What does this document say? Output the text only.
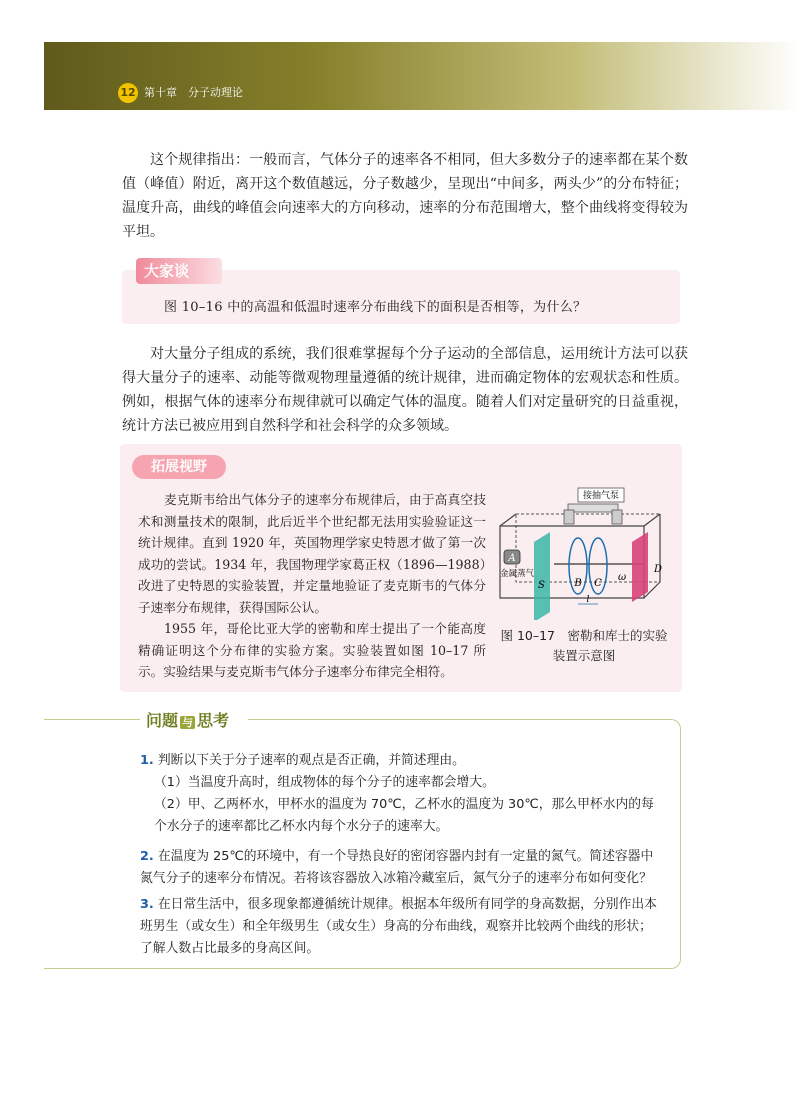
12 第十章　分子动理论

这个规律指出：一般而言，气体分子的速率各不相同，但大多数分子的速率都在某个数值（峰值）附近，离开这个数值越远，分子数越少，呈现出“中间多，两头少”的分布特征；温度升高，曲线的峰值会向速率大的方向移动，速率的分布范围增大，整个曲线将变得较为平坦。

大家谈
图 10–16 中的高温和低温时速率分布曲线下的面积是否相等，为什么？

对大量分子组成的系统，我们很难掌握每个分子运动的全部信息，运用统计方法可以获得大量分子的速率、动能等微观物理量遵循的统计规律，进而确定物体的宏观状态和性质。例如，根据气体的速率分布规律就可以确定气体的温度。随着人们对定量研究的日益重视，统计方法已被应用到自然科学和社会科学的众多领域。

拓展视野

麦克斯韦给出气体分子的速率分布规律后，由于高真空技术和测量技术的限制，此后近半个世纪都无法用实验验证这一统计规律。直到 1920 年，英国物理学家史特恩才做了第一次成功的尝试。1934 年，我国物理学家葛正权（1896—1988）改进了史特恩的实验装置，并定量地验证了麦克斯韦的气体分子速率分布规律，获得国际公认。

1955 年，哥伦比亚大学的密勒和库士提出了一个能高度精确证明这个分布律的实验方案。实验装置如图 10–17 所示。实验结果与麦克斯韦气体分子速率分布律完全相符。

接抽气泵
A
金属蒸气
S	B C
ω
l
D
图 10–17　密勒和库士的实验
装置示意图
问题 与 思考
1. 判断以下关于分子速率的观点是否正确，并简述理由。
（1）当温度升高时，组成物体的每个分子的速率都会增大。
（2）甲、乙两杯水，甲杯水的温度为 70℃，乙杯水的温度为 30℃，那么甲杯水内的每个水分子的速率都比乙杯水内每个水分子的速率大。
2. 在温度为 25℃的环境中，有一个导热良好的密闭容器内封有一定量的氮气。简述容器中氮气分子的速率分布情况。若将该容器放入冰箱冷藏室后，氮气分子的速率分布如何变化？
3. 在日常生活中，很多现象都遵循统计规律。根据本年级所有同学的身高数据，分别作出本班男生（或女生）和全年级男生（或女生）身高的分布曲线，观察并比较两个曲线的形状；了解人数占比最多的身高区间。
